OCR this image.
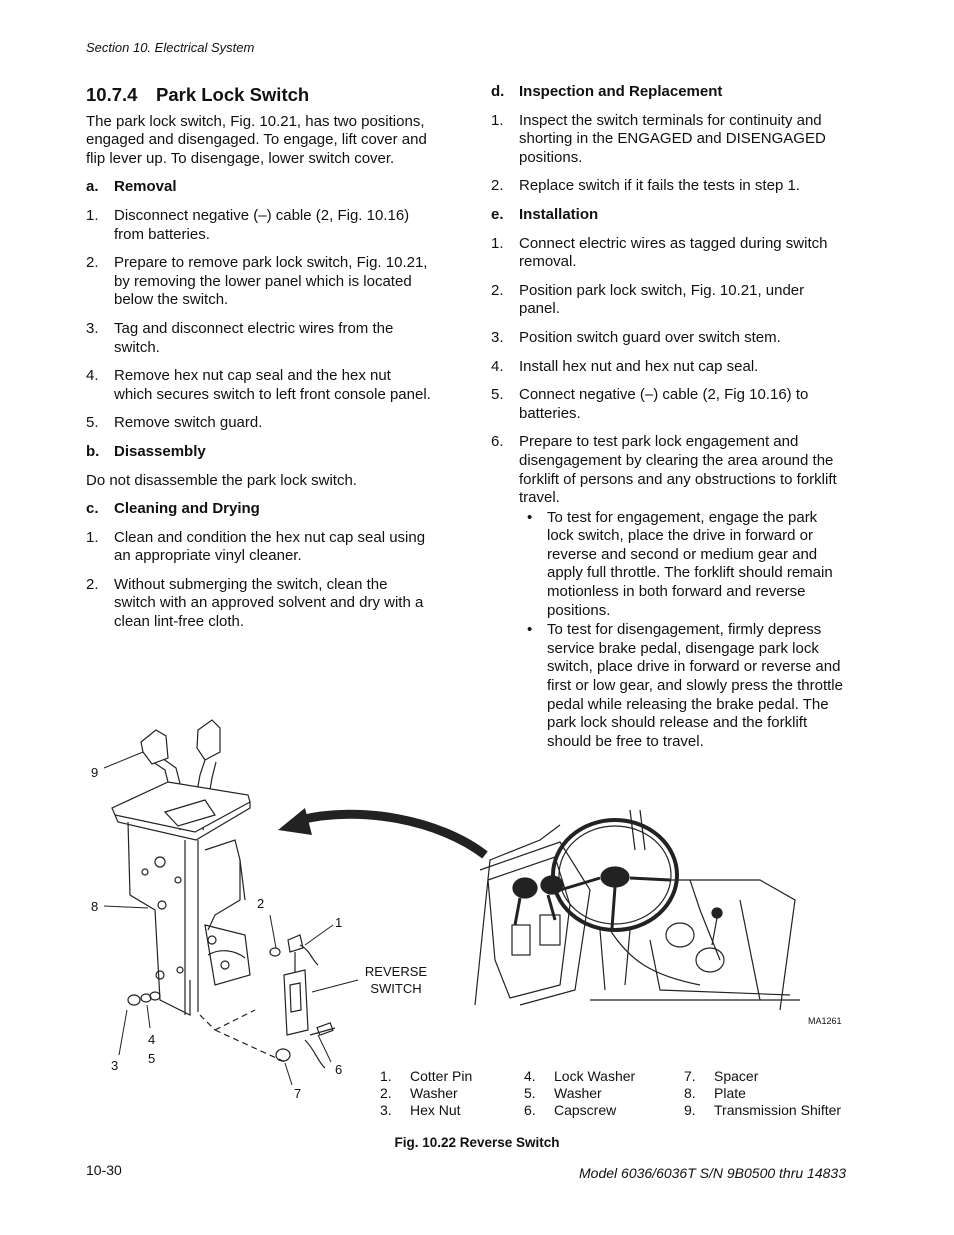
Section 10. Electrical System
10.7.4 Park Lock Switch

The park lock switch, Fig. 10.21, has two positions, engaged and disengaged. To engage, lift cover and flip lever up. To disengage, lower switch cover.

a.	Removal
1.	Disconnect negative (–) cable (2, Fig. 10.16) from batteries.
2.	Prepare to remove park lock switch, Fig. 10.21, by removing the lower panel which is located below the switch.
3.	Tag and disconnect electric wires from the switch.
4.	Remove hex nut cap seal and the hex nut which secures switch to left front console panel.
5.	Remove switch guard.
b. Disassembly

Do not disassemble the park lock switch.

c.	Cleaning and Drying
1.	Clean and condition the hex nut cap seal using an appropriate vinyl cleaner.
2.	Without submerging the switch, clean the switch with an approved solvent and dry with a clean lint-free cloth.
d. Inspection and Replacement
1.	Inspect the switch terminals for continuity and shorting in the ENGAGED and DISENGAGED positions.
2.	Replace switch if it fails the tests in step 1.
e.	Installation
1.	Connect electric wires as tagged during switch removal.
2.	Position park lock switch, Fig. 10.21, under panel.
3.	Position switch guard over switch stem.
4.	Install hex nut and hex nut cap seal.
5.	Connect negative (–) cable (2, Fig 10.16) to batteries.
6.	Prepare to test park lock engagement and disengagement by clearing the area around the forklift of persons and any obstructions to forklift travel.
• To test for engagement, engage the park lock switch, place the drive in forward or reverse and second or medium gear and apply full throttle. The forklift should remain motionless in both forward and reverse positions.
• To test for disengagement, firmly depress service brake pedal, disengage park lock switch, place drive in forward or reverse and first or low gear, and slowly press the throttle pedal while releasing the brake pedal. The park lock should release and the forklift should be free to travel.
9
8	2
1
3
4
5
6
7
REVERSE
SWITCH
MA1261
1.	Cotter Pin
2.	Washer
3.	Hex Nut
4.	Lock Washer
5.	Washer
6.	Capscrew
7.	Spacer
8.	Plate
9.	Transmission Shifter
Fig. 10.22 Reverse Switch
10-30	Model 6036/6036T S/N 9B0500 thru 14833
